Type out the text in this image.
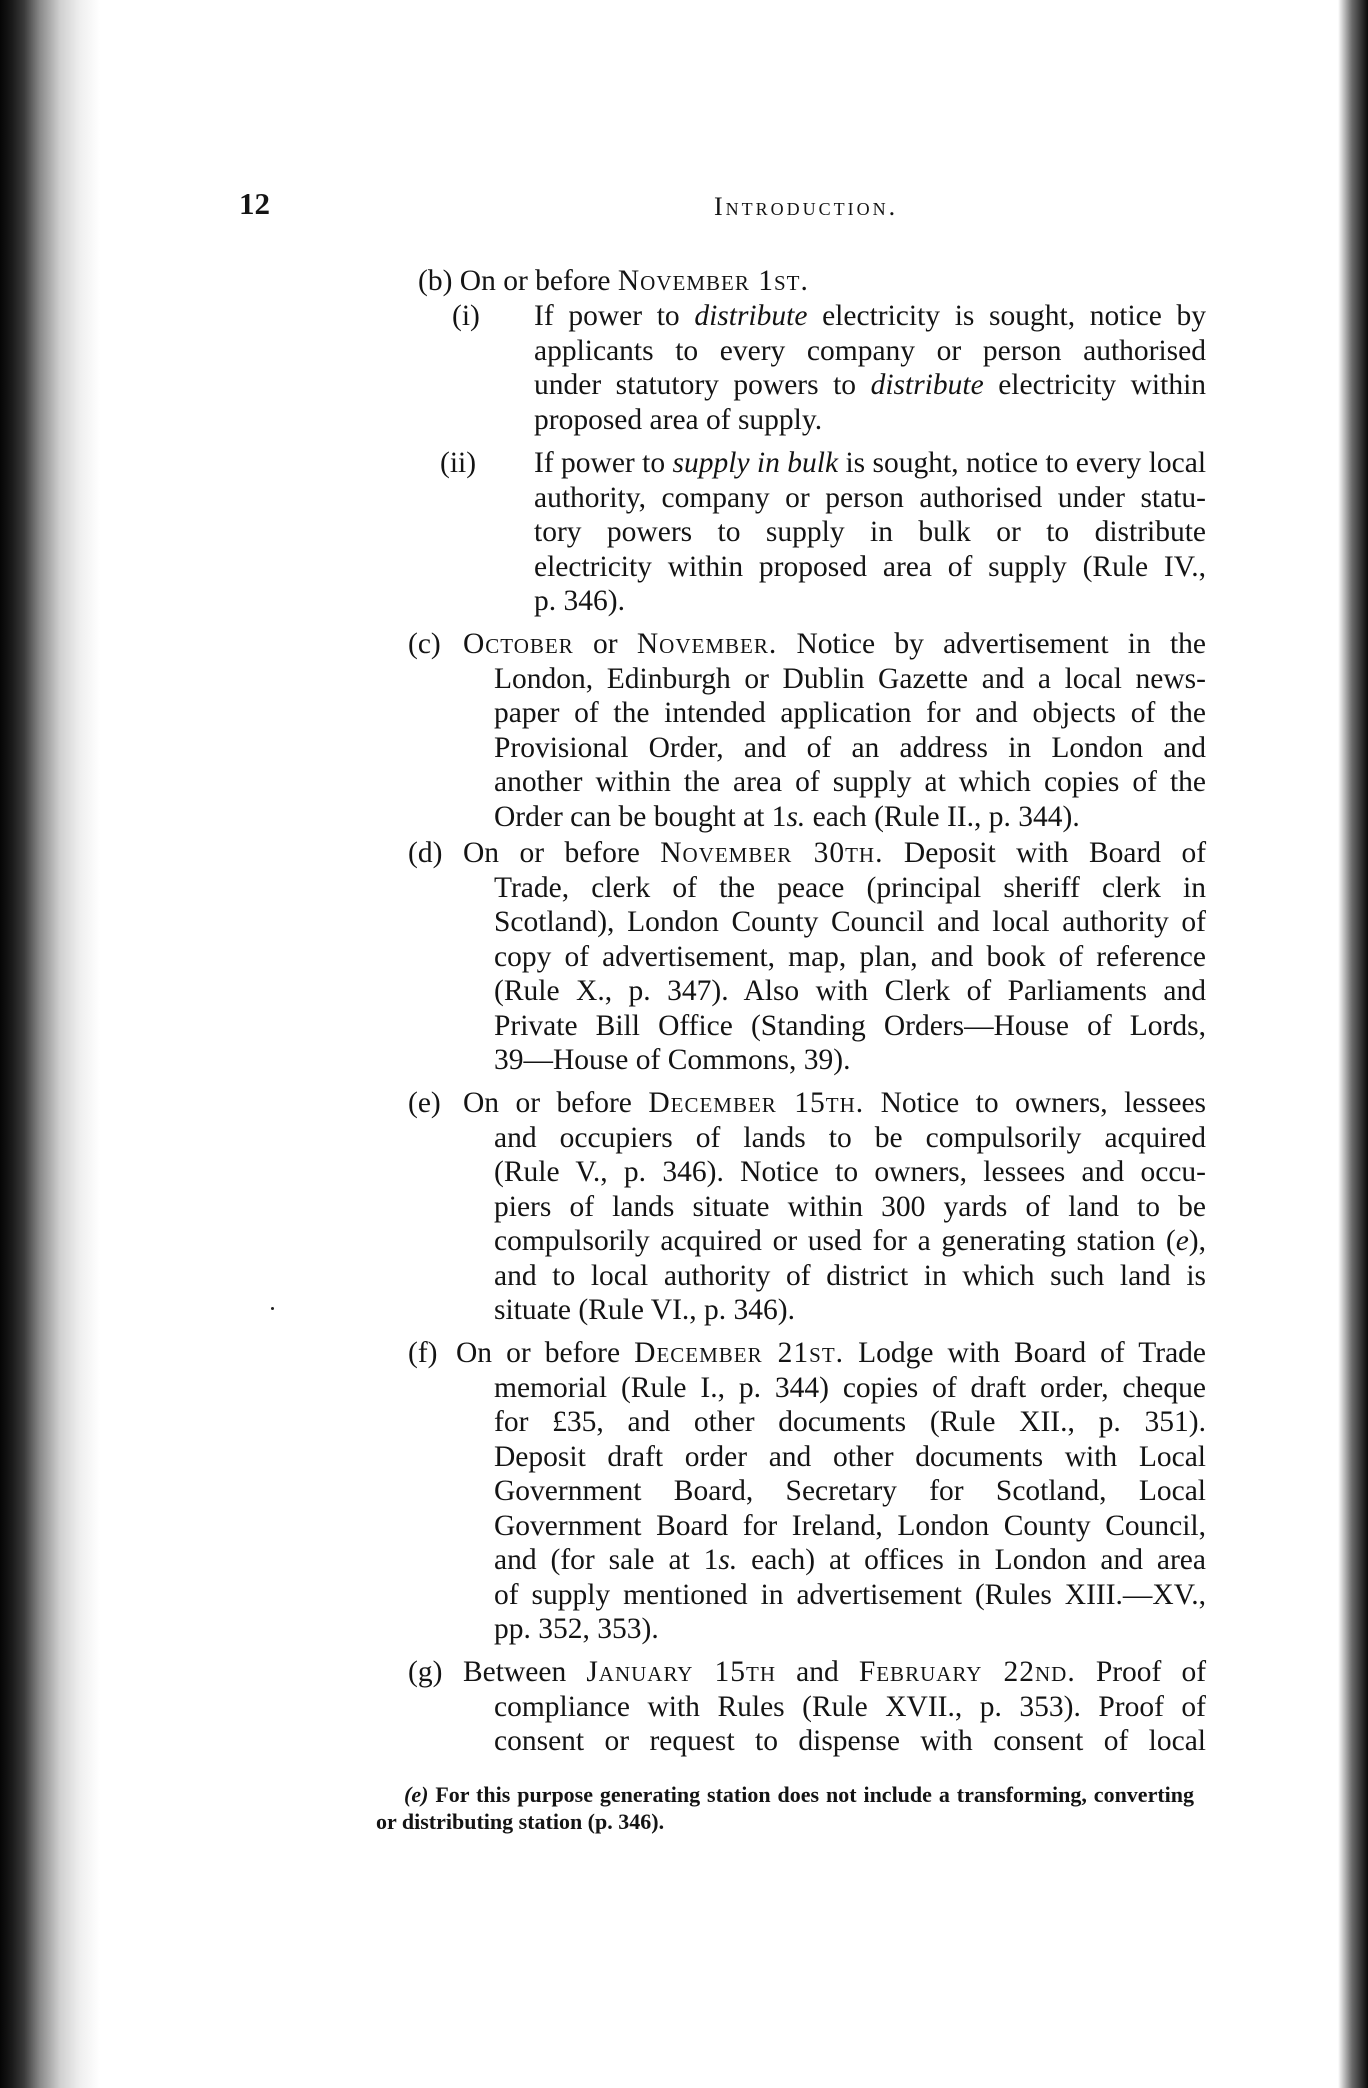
12	Introduction.
(b) On or before November 1st.
(i) If power to distribute electricity is sought, notice by
applicants to every company or person authorised
under statutory powers to distribute electricity within
proposed area of supply.
(ii) If power to supply in bulk is sought, notice to every local
authority, company or person authorised under statu-
tory powers to supply in bulk or to distribute
electricity within proposed area of supply (Rule IV.,
p. 346).
(c) October or November. Notice by advertisement in the
London, Edinburgh or Dublin Gazette and a local news-
paper of the intended application for and objects of the
Provisional Order, and of an address in London and
another within the area of supply at which copies of the
Order can be bought at 1s. each (Rule II., p. 344).
(d) On or before November 30th. Deposit with Board of
Trade, clerk of the peace (principal sheriff clerk in
Scotland), London County Council and local authority of
copy of advertisement, map, plan, and book of reference
(Rule X., p. 347). Also with Clerk of Parliaments and
Private Bill Office (Standing Orders—House of Lords,
39—House of Commons, 39).
(e) On or before December 15th. Notice to owners, lessees
and occupiers of lands to be compulsorily acquired
(Rule V., p. 346). Notice to owners, lessees and occu-
piers of lands situate within 300 yards of land to be
compulsorily acquired or used for a generating station (e),
and to local authority of district in which such land is
situate (Rule VI., p. 346).
(f) On or before December 21st. Lodge with Board of Trade
memorial (Rule I., p. 344) copies of draft order, cheque
for £35, and other documents (Rule XII., p. 351).
Deposit draft order and other documents with Local
Government Board, Secretary for Scotland, Local
Government Board for Ireland, London County Council,
and (for sale at 1s. each) at offices in London and area
of supply mentioned in advertisement (Rules XIII.—XV.,
pp. 352, 353).
(g) Between January 15th and February 22nd. Proof of
compliance with Rules (Rule XVII., p. 353). Proof of
consent or request to dispense with consent of local
(e) For this purpose generating station does not include a transforming, converting
or distributing station (p. 346).
